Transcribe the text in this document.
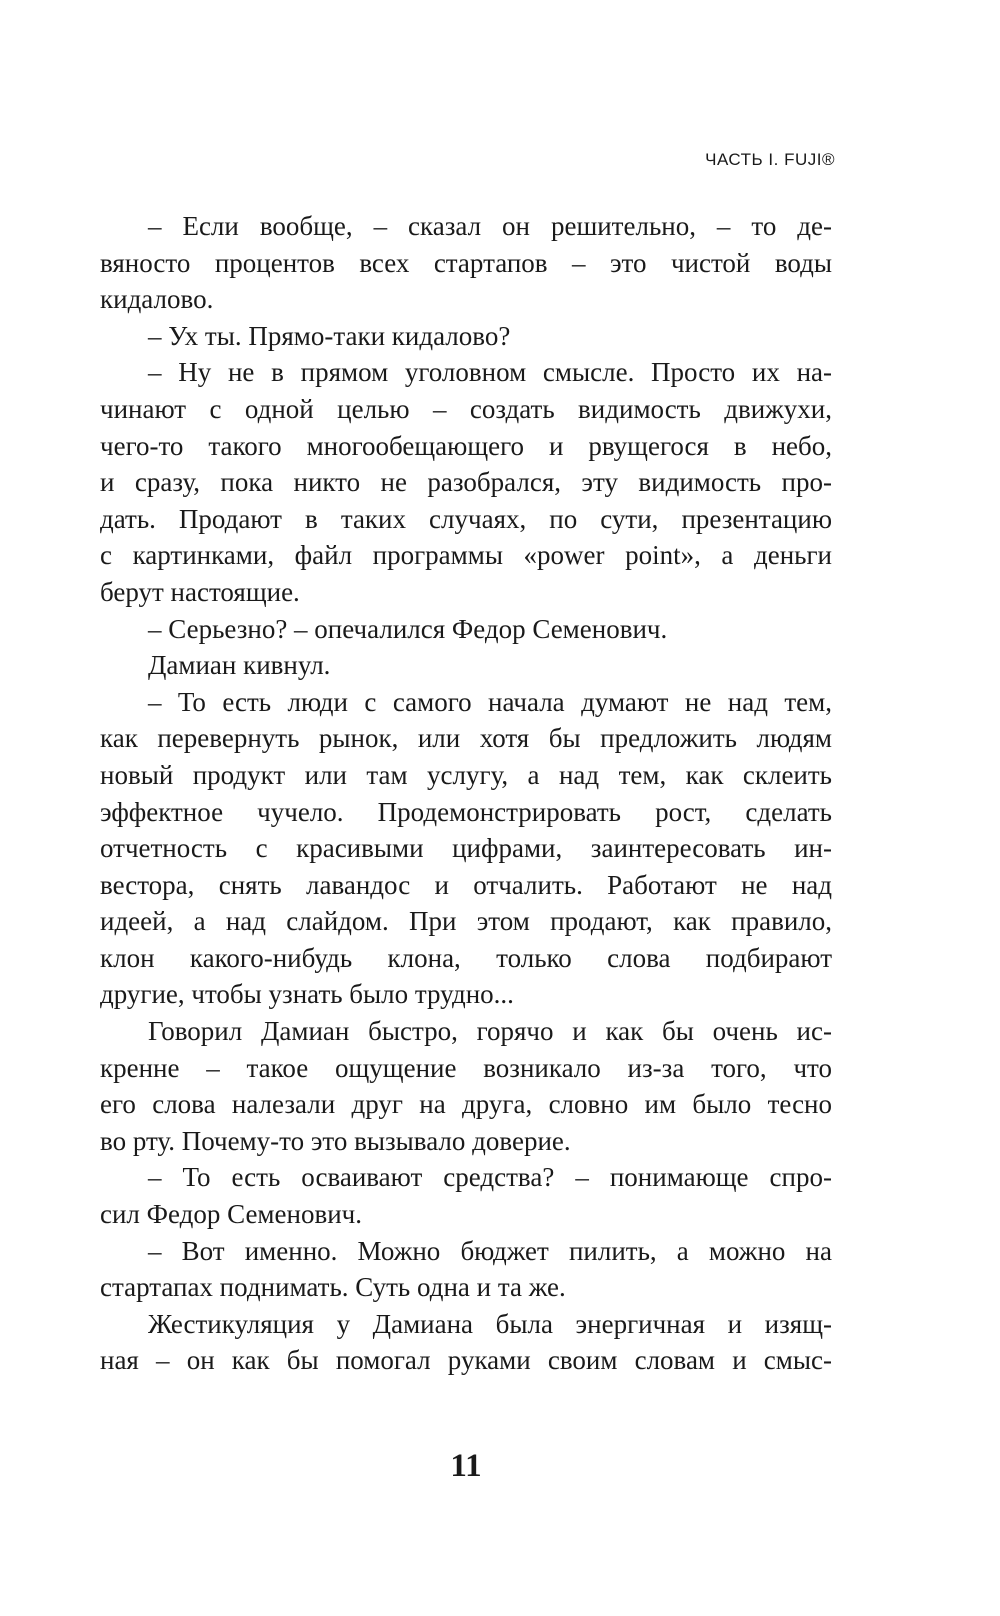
ЧАСТЬ I. FUJI®
– Если вообще, – сказал он решительно, – то де-
вяносто процентов всех стартапов – это чистой воды
кидалово.
– Ух ты. Прямо-таки кидалово?
– Ну не в прямом уголовном смысле. Просто их на-
чинают с одной целью – создать видимость движухи,
чего-то такого многообещающего и рвущегося в небо,
и сразу, пока никто не разобрался, эту видимость про-
дать. Продают в таких случаях, по сути, презентацию
с картинками, файл программы «power point», а деньги
берут настоящие.
– Серьезно? – опечалился Федор Семенович.
Дамиан кивнул.
– То есть люди с самого начала думают не над тем,
как перевернуть рынок, или хотя бы предложить людям
новый продукт или там услугу, а над тем, как склеить
эффектное чучело. Продемонстрировать рост, сделать
отчетность с красивыми цифрами, заинтересовать ин-
вестора, снять лавандос и отчалить. Работают не над
идеей, а над слайдом. При этом продают, как правило,
клон какого-нибудь клона, только слова подбирают
другие, чтобы узнать было трудно...
Говорил Дамиан быстро, горячо и как бы очень ис-
кренне – такое ощущение возникало из-за того, что
его слова налезали друг на друга, словно им было тесно
во рту. Почему-то это вызывало доверие.
– То есть осваивают средства? – понимающе спро-
сил Федор Семенович.
– Вот именно. Можно бюджет пилить, а можно на
стартапах поднимать. Суть одна и та же.
Жестикуляция у Дамиана была энергичная и изящ-
ная – он как бы помогал руками своим словам и смыс-
11
